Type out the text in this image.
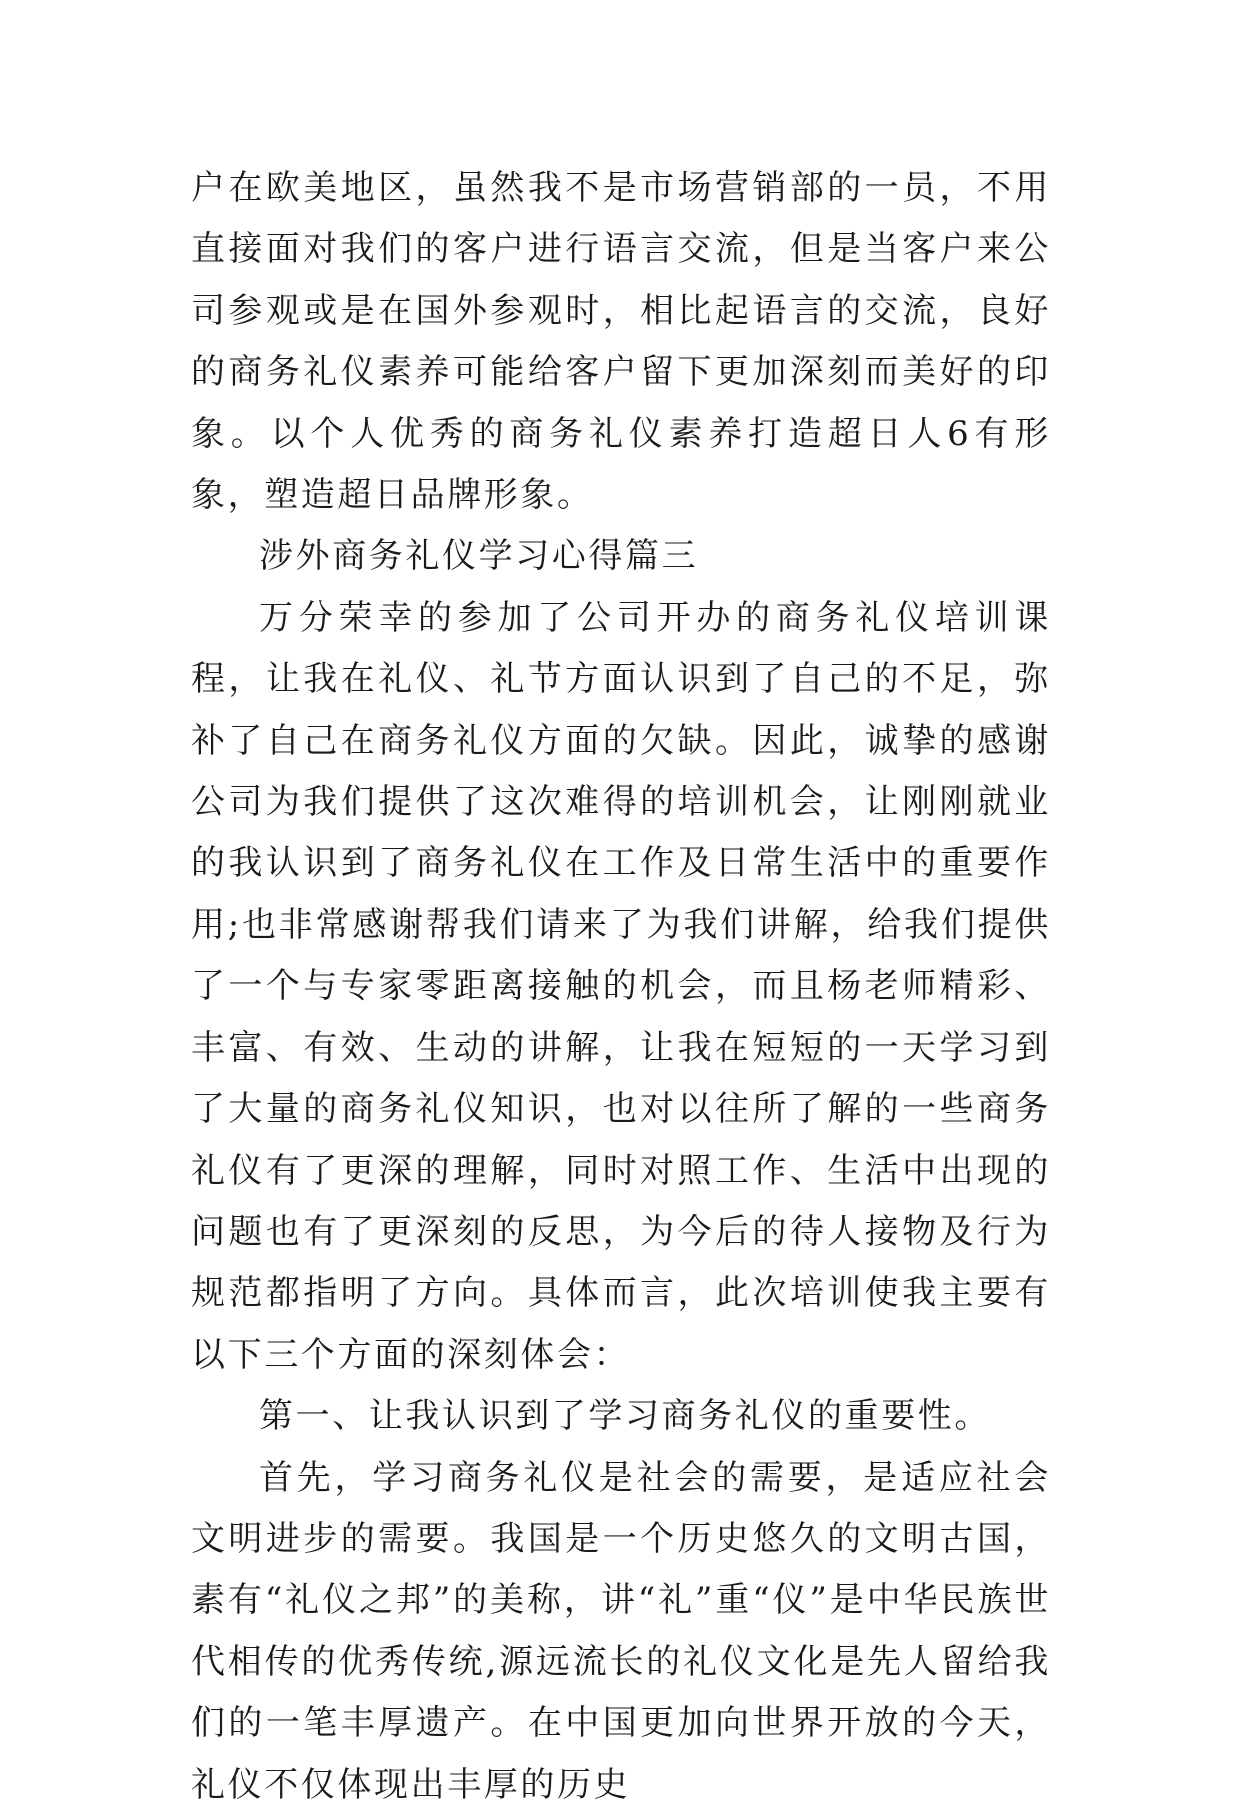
户在欧美地区，虽然我不是市场营销部的一员，不用直接面对我们的客户进行语言交流，但是当客户来公司参观或是在国外参观时，相比起语言的交流，良好的商务礼仪素养可能给客户留下更加深刻而美好的印象。以个人优秀的商务礼仪素养打造超日人6有形象，塑造超日品牌形象。

涉外商务礼仪学习心得篇三

万分荣幸的参加了公司开办的商务礼仪培训课程，让我在礼仪、礼节方面认识到了自己的不足，弥补了自己在商务礼仪方面的欠缺。因此，诚挚的感谢公司为我们提供了这次难得的培训机会，让刚刚就业的我认识到了商务礼仪在工作及日常生活中的重要作用;也非常感谢帮我们请来了为我们讲解，给我们提供了一个与专家零距离接触的机会，而且杨老师精彩、丰富、有效、生动的讲解，让我在短短的一天学习到了大量的商务礼仪知识，也对以往所了解的一些商务礼仪有了更深的理解，同时对照工作、生活中出现的问题也有了更深刻的反思，为今后的待人接物及行为规范都指明了方向。具体而言，此次培训使我主要有以下三个方面的深刻体会：

第一、让我认识到了学习商务礼仪的重要性。

首先，学习商务礼仪是社会的需要，是适应社会文明进步的需要。我国是一个历史悠久的文明古国，素有“礼仪之邦”的美称，讲“礼”重“仪”是中华民族世代相传的优秀传统,源远流长的礼仪文化是先人留给我们的一笔丰厚遗产。在中国更加向世界开放的今天，礼仪不仅体现出丰厚的历史
